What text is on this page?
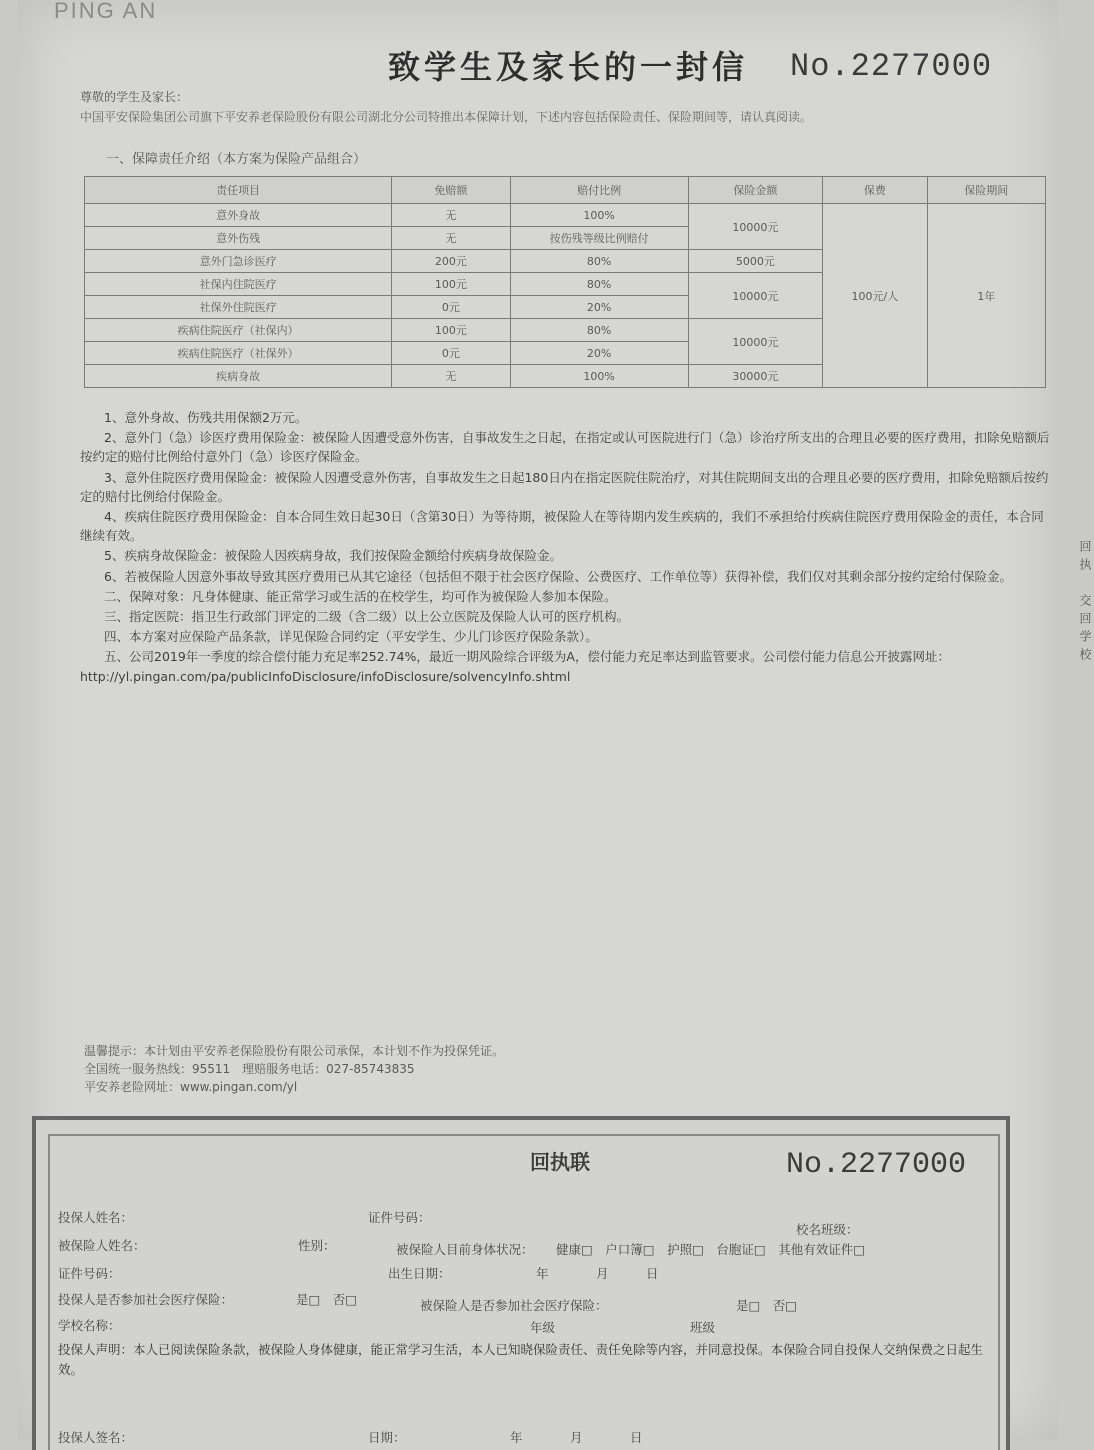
PING AN
致学生及家长的一封信 No.2277000
尊敬的学生及家长：
中国平安保险集团公司旗下平安养老保险股份有限公司湖北分公司特推出本保障计划，下述内容包括保险责任、保险期间等，请认真阅读。
一、保障责任介绍（本方案为保险产品组合）
责任项目	免赔额	赔付比例	保险金额	保费	保险期间
意外身故	无	100%	10000元	100元/人	1年
意外伤残	无	按伤残等级比例赔付			
意外门急诊医疗	200元	80%	5000元		
社保内住院医疗	100元	80%	10000元		
社保外住院医疗	0元	20%			
疾病住院医疗（社保内）	100元	80%	10000元		
疾病住院医疗（社保外）	0元	20%			
疾病身故	无	100%	30000元		

1、意外身故、伤残共用保额2万元。

2、意外门（急）诊医疗费用保险金：被保险人因遭受意外伤害，自事故发生之日起，在指定或认可医院进行门（急）诊治疗所支出的合理且必要的医疗费用，扣除免赔额后按约定的赔付比例给付意外门（急）诊医疗保险金。

3、意外住院医疗费用保险金：被保险人因遭受意外伤害，自事故发生之日起180日内在指定医院住院治疗，对其住院期间支出的合理且必要的医疗费用，扣除免赔额后按约定的赔付比例给付保险金。

4、疾病住院医疗费用保险金：自本合同生效日起30日（含第30日）为等待期，被保险人在等待期内发生疾病的，我们不承担给付疾病住院医疗费用保险金的责任，本合同继续有效。

5、疾病身故保险金：被保险人因疾病身故，我们按保险金额给付疾病身故保险金。

6、若被保险人因意外事故导致其医疗费用已从其它途径（包括但不限于社会医疗保险、公费医疗、工作单位等）获得补偿，我们仅对其剩余部分按约定给付保险金。

二、保障对象：凡身体健康、能正常学习或生活的在校学生，均可作为被保险人参加本保险。

三、指定医院：指卫生行政部门评定的二级（含二级）以上公立医院及保险人认可的医疗机构。

四、本方案对应保险产品条款，详见保险合同约定（平安学生、少儿门诊医疗保险条款）。

五、公司2019年一季度的综合偿付能力充足率252.74%，最近一期风险综合评级为A，偿付能力充足率达到监管要求。公司偿付能力信息公开披露网址：http://yl.pingan.com/pa/publicInfoDisclosure/infoDisclosure/solvencyInfo.shtml

温馨提示：本计划由平安养老保险股份有限公司承保，本计划不作为投保凭证。
全国统一服务热线：95511　理赔服务电话：027-85743835
平安养老险网址：www.pingan.com/yl
回执　交回学校
回执联	No.2277000
投保人姓名：	证件号码：
校名班级：
被保险人姓名：	性别：	被保险人目前身体状况： 健康□　户口簿□　护照□　台胞证□　其他有效证件□
证件号码：	出生日期：	年	月	日
投保人是否参加社会医疗保险：	是□　否□	被保险人是否参加社会医疗保险：	是□　否□
学校名称：	年级	班级
投保人声明：本人已阅读保险条款，被保险人身体健康，能正常学习生活，本人已知晓保险责任、责任免除等内容，并同意投保。本保险合同自投保人交纳保费之日起生效。
投保人签名：	日期：	年	月	日
